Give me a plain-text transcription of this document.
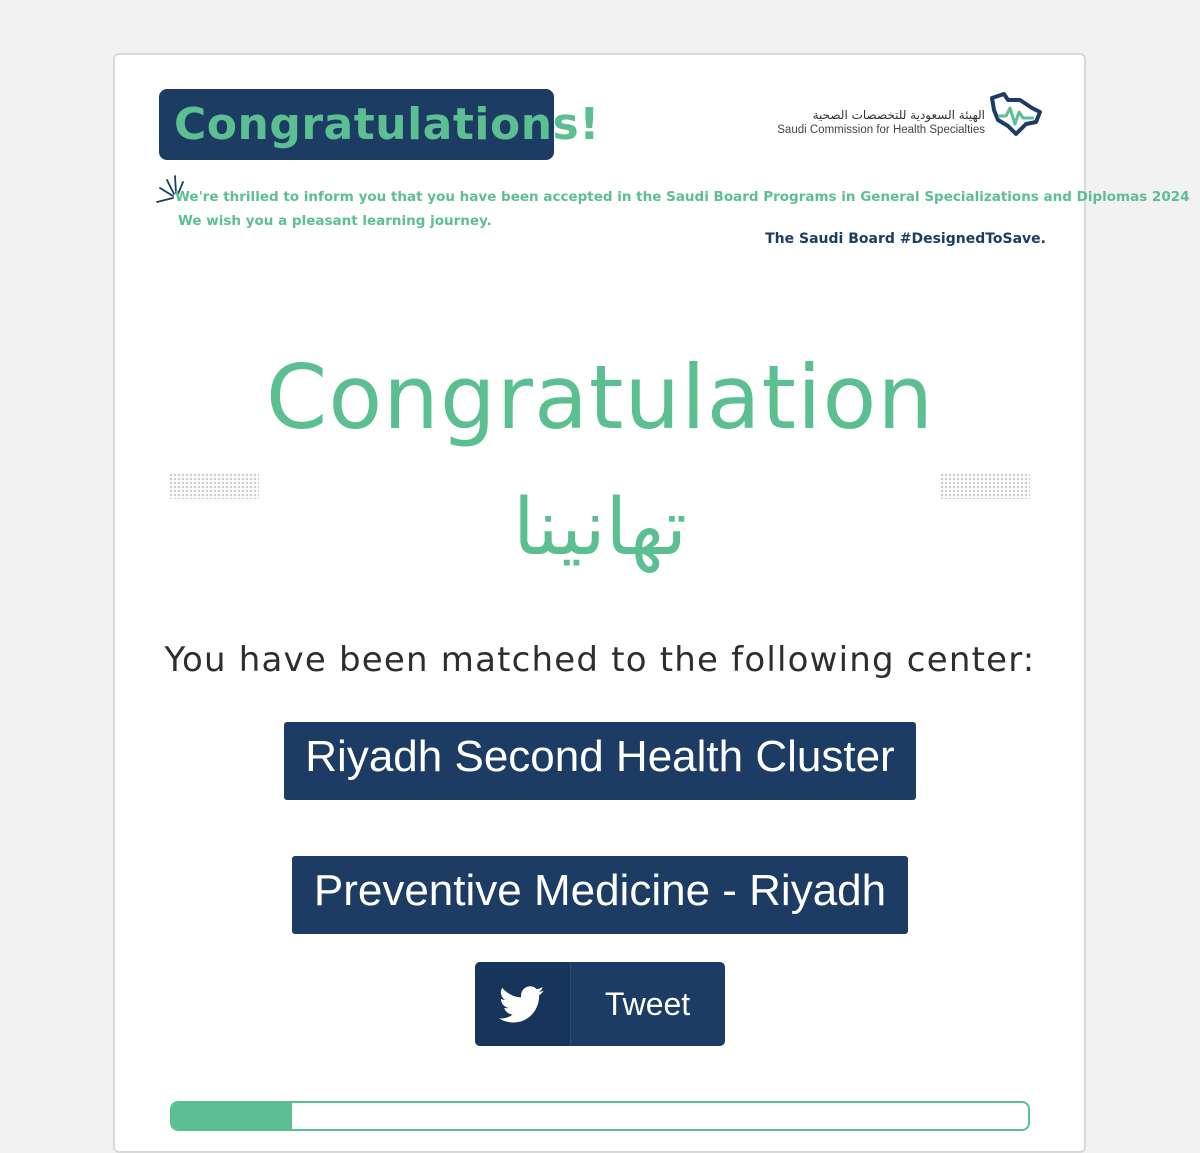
Congratulations!	الهيئة السعودية للتخصصات الصحية
Saudi Commission for Health Specialties
We're thrilled to inform you that you have been accepted in the Saudi Board Programs in General Specializations and Diplomas 2024
We wish you a pleasant learning journey.
The Saudi Board #DesignedToSave.
Congratulation
تهانينا
You have been matched to the following center:
Riyadh Second Health Cluster
Preventive Medicine - Riyadh
Tweet
